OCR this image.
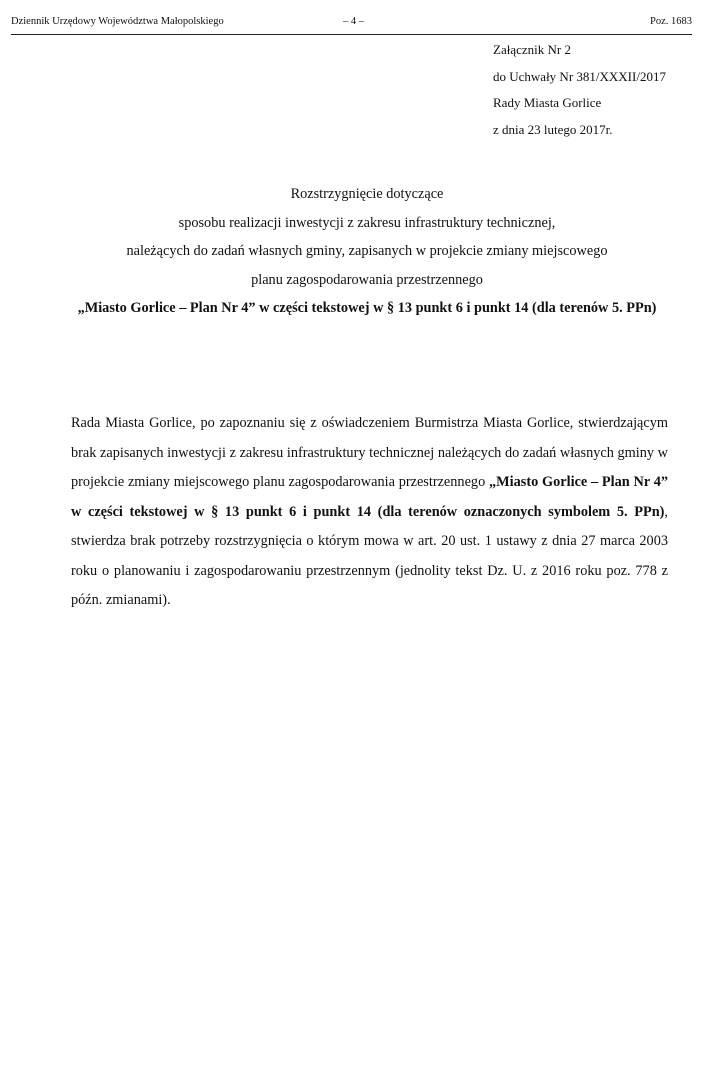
Dziennik Urzędowy Województwa Małopolskiego	– 4 –	Poz. 1683
Załącznik Nr 2
do Uchwały Nr 381/XXXII/2017
Rady Miasta Gorlice
z dnia 23 lutego 2017r.
Rozstrzygnięcie dotyczące
sposobu realizacji inwestycji z zakresu infrastruktury technicznej,
należących do zadań własnych gminy, zapisanych w projekcie zmiany miejscowego
planu zagospodarowania przestrzennego
„Miasto Gorlice – Plan Nr 4” w części tekstowej w § 13 punkt 6 i punkt 14 (dla terenów 5. PPn)
Rada Miasta Gorlice, po zapoznaniu się z oświadczeniem Burmistrza Miasta Gorlice, stwierdzającym brak zapisanych inwestycji z zakresu infrastruktury technicznej należących do zadań własnych gminy w projekcie zmiany miejscowego planu zagospodarowania przestrzennego „Miasto Gorlice – Plan Nr 4” w części tekstowej w § 13 punkt 6 i punkt 14 (dla terenów oznaczonych symbolem 5. PPn), stwierdza brak potrzeby rozstrzygnięcia o którym mowa w art. 20 ust. 1 ustawy z dnia 27 marca 2003 roku o planowaniu i zagospodarowaniu przestrzennym (jednolity tekst Dz. U. z 2016 roku poz. 778 z późn. zmianami).
